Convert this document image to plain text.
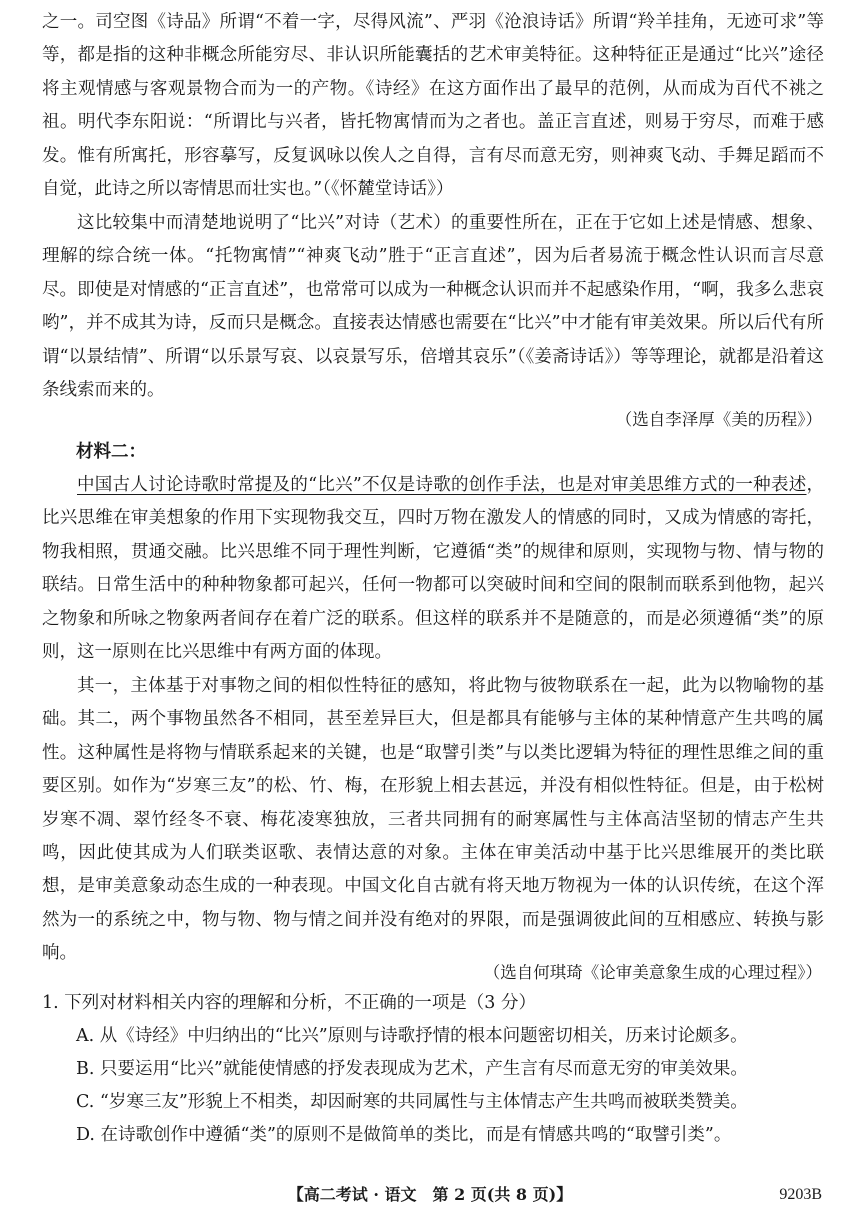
之一。司空图《诗品》所谓“不着一字，尽得风流”、严羽《沧浪诗话》所谓“羚羊挂角，无迹可求”等等，都是指的这种非概念所能穷尽、非认识所能囊括的艺术审美特征。这种特征正是通过“比兴”途径将主观情感与客观景物合而为一的产物。《诗经》在这方面作出了最早的范例，从而成为百代不祧之祖。明代李东阳说：“所谓比与兴者，皆托物寓情而为之者也。盖正言直述，则易于穷尽，而难于感发。惟有所寓托，形容摹写，反复讽咏以俟人之自得，言有尽而意无穷，则神爽飞动、手舞足蹈而不自觉，此诗之所以寄情思而壮实也。”（《怀麓堂诗话》）

这比较集中而清楚地说明了“比兴”对诗（艺术）的重要性所在，正在于它如上述是情感、想象、理解的综合统一体。“托物寓情”“神爽飞动”胜于“正言直述”，因为后者易流于概念性认识而言尽意尽。即使是对情感的“正言直述”，也常常可以成为一种概念认识而并不起感染作用，“啊，我多么悲哀哟”，并不成其为诗，反而只是概念。直接表达情感也需要在“比兴”中才能有审美效果。所以后代有所谓“以景结情”、所谓“以乐景写哀、以哀景写乐，倍增其哀乐”（《姜斋诗话》）等等理论，就都是沿着这条线索而来的。

（选自李泽厚《美的历程》）

材料二：

中国古人讨论诗歌时常提及的“比兴”不仅是诗歌的创作手法，也是对审美思维方式的一种表述，比兴思维在审美想象的作用下实现物我交互，四时万物在激发人的情感的同时，又成为情感的寄托，物我相照，贯通交融。比兴思维不同于理性判断，它遵循“类”的规律和原则，实现物与物、情与物的联结。日常生活中的种种物象都可起兴，任何一物都可以突破时间和空间的限制而联系到他物，起兴之物象和所咏之物象两者间存在着广泛的联系。但这样的联系并不是随意的，而是必须遵循“类”的原则，这一原则在比兴思维中有两方面的体现。

其一，主体基于对事物之间的相似性特征的感知，将此物与彼物联系在一起，此为以物喻物的基础。其二，两个事物虽然各不相同，甚至差异巨大，但是都具有能够与主体的某种情意产生共鸣的属性。这种属性是将物与情联系起来的关键，也是“取譬引类”与以类比逻辑为特征的理性思维之间的重要区别。如作为“岁寒三友”的松、竹、梅，在形貌上相去甚远，并没有相似性特征。但是，由于松树岁寒不凋、翠竹经冬不衰、梅花凌寒独放，三者共同拥有的耐寒属性与主体高洁坚韧的情志产生共鸣，因此使其成为人们联类讴歌、表情达意的对象。主体在审美活动中基于比兴思维展开的类比联想，是审美意象动态生成的一种表现。中国文化自古就有将天地万物视为一体的认识传统，在这个浑然为一的系统之中，物与物、物与情之间并没有绝对的界限，而是强调彼此间的互相感应、转换与影响。

（选自何琪琦《论审美意象生成的心理过程》）

1. 下列对材料相关内容的理解和分析，不正确的一项是（3 分）

A. 从《诗经》中归纳出的“比兴”原则与诗歌抒情的根本问题密切相关，历来讨论颇多。

B. 只要运用“比兴”就能使情感的抒发表现成为艺术，产生言有尽而意无穷的审美效果。

C. “岁寒三友”形貌上不相类，却因耐寒的共同属性与主体情志产生共鸣而被联类赞美。

D. 在诗歌创作中遵循“类”的原则不是做简单的类比，而是有情感共鸣的“取譬引类”。

【高二考试 · 语文　第 2 页(共 8 页)】	9203B
